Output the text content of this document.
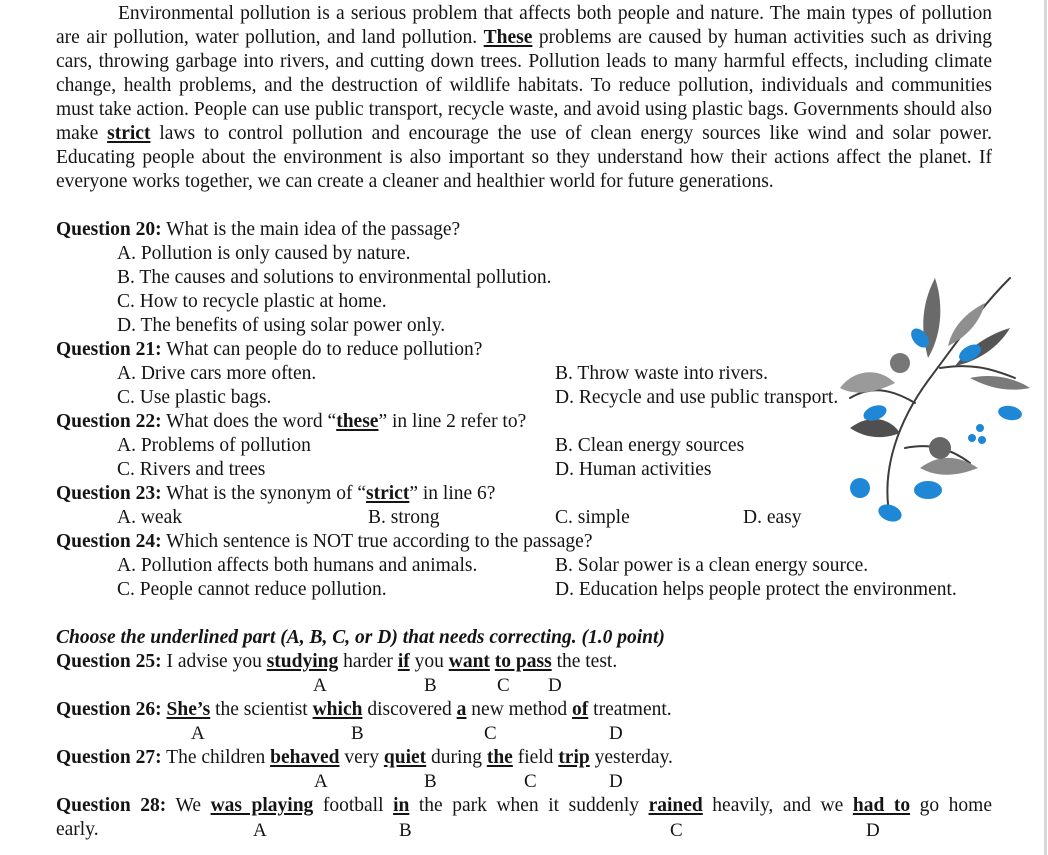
Environmental pollution is a serious problem that affects both people and nature. The main types of pollution are air pollution, water pollution, and land pollution. These problems are caused by human activities such as driving cars, throwing garbage into rivers, and cutting down trees. Pollution leads to many harmful effects, including climate change, health problems, and the destruction of wildlife habitats. To reduce pollution, individuals and communities must take action. People can use public transport, recycle waste, and avoid using plastic bags. Governments should also make strict laws to control pollution and encourage the use of clean energy sources like wind and solar power. Educating people about the environment is also important so they understand how their actions affect the planet. If everyone works together, we can create a cleaner and healthier world for future generations.
Question 20: What is the main idea of the passage?
A. Pollution is only caused by nature.
B. The causes and solutions to environmental pollution.
C. How to recycle plastic at home.
D. The benefits of using solar power only.
Question 21: What can people do to reduce pollution?
A. Drive cars more often.	B. Throw waste into rivers.
C. Use plastic bags.	D. Recycle and use public transport.
Question 22: What does the word “these” in line 2 refer to?
A. Problems of pollution	B. Clean energy sources
C. Rivers and trees	D. Human activities
Question 23: What is the synonym of “strict” in line 6?
A. weak	B. strong	C. simple	D. easy
Question 24: Which sentence is NOT true according to the passage?
A. Pollution affects both humans and animals.	B. Solar power is a clean energy source.
C. People cannot reduce pollution.	D. Education helps people protect the environment.
Choose the underlined part (A, B, C, or D) that needs correcting. (1.0 point)
Question 25: I advise you studying harder if you want to pass the test.
A	B	C D
Question 26: She’s the scientist which discovered a new method of treatment.
A	B	C	D
Question 27: The children behaved very quiet during the field trip yesterday.
A	B	C	D
Question 28: We was playing football in the park when it suddenly rained heavily, and we had to go home
early.	A	B	C	D
